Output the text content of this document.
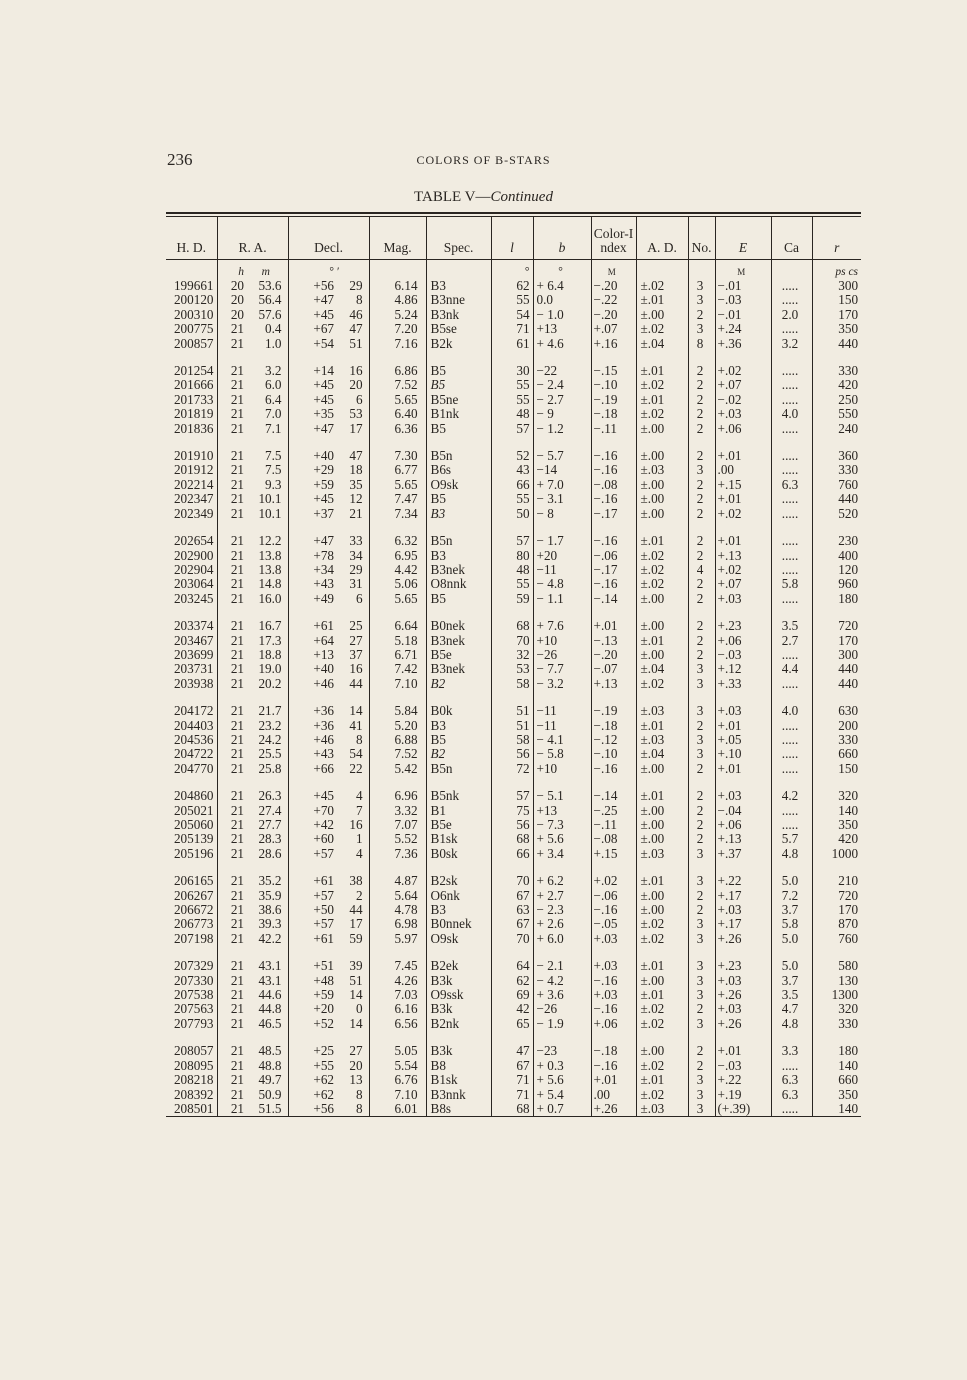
236	COLORS OF B-STARS
TABLE V—Continued
H. D.	R. A.		Decl.		Mag.	Spec.	l	b	Color-Index	A. D.	No.	E	Ca	r
	h	m	°	′			°	°	M			M		ps cs
199661	20	53.6	+56	29	6.14	B3	62	+ 6.4	−.20	±.02	3	−.01	.....	300
200120	20	56.4	+47	8	4.86	B3nne	55	0.0	−.22	±.01	3	−.03	.....	150
200310	20	57.6	+45	46	5.24	B3nk	54	− 1.0	−.20	±.00	2	−.01	2.0	170
200775	21	0.4	+67	47	7.20	B5se	71	+13	+.07	±.02	3	+.24	.....	350
200857	21	1.0	+54	51	7.16	B2k	61	+ 4.6	+.16	±.04	8	+.36	3.2	440

201254	21	3.2	+14	16	6.86	B5	30	−22	−.15	±.01	2	+.02	.....	330
201666	21	6.0	+45	20	7.52	B5	55	− 2.4	−.10	±.02	2	+.07	.....	420
201733	21	6.4	+45	6	5.65	B5ne	55	− 2.7	−.19	±.01	2	−.02	.....	250
201819	21	7.0	+35	53	6.40	B1nk	48	− 9	−.18	±.02	2	+.03	4.0	550
201836	21	7.1	+47	17	6.36	B5	57	− 1.2	−.11	±.00	2	+.06	.....	240

201910	21	7.5	+40	47	7.30	B5n	52	− 5.7	−.16	±.00	2	+.01	.....	360
201912	21	7.5	+29	18	6.77	B6s	43	−14	−.16	±.03	3	.00	.....	330
202214	21	9.3	+59	35	5.65	O9sk	66	+ 7.0	−.08	±.00	2	+.15	6.3	760
202347	21	10.1	+45	12	7.47	B5	55	− 3.1	−.16	±.00	2	+.01	.....	440
202349	21	10.1	+37	21	7.34	B3	50	− 8	−.17	±.00	2	+.02	.....	520

202654	21	12.2	+47	33	6.32	B5n	57	− 1.7	−.16	±.01	2	+.01	.....	230
202900	21	13.8	+78	34	6.95	B3	80	+20	−.06	±.02	2	+.13	.....	400
202904	21	13.8	+34	29	4.42	B3nek	48	−11	−.17	±.02	4	+.02	.....	120
203064	21	14.8	+43	31	5.06	O8nnk	55	− 4.8	−.16	±.02	2	+.07	5.8	960
203245	21	16.0	+49	6	5.65	B5	59	− 1.1	−.14	±.00	2	+.03	.....	180

203374	21	16.7	+61	25	6.64	B0nek	68	+ 7.6	+.01	±.00	2	+.23	3.5	720
203467	21	17.3	+64	27	5.18	B3nek	70	+10	−.13	±.01	2	+.06	2.7	170
203699	21	18.8	+13	37	6.71	B5e	32	−26	−.20	±.00	2	−.03	.....	300
203731	21	19.0	+40	16	7.42	B3nek	53	− 7.7	−.07	±.04	3	+.12	4.4	440
203938	21	20.2	+46	44	7.10	B2	58	− 3.2	+.13	±.02	3	+.33	.....	440

204172	21	21.7	+36	14	5.84	B0k	51	−11	−.19	±.03	3	+.03	4.0	630
204403	21	23.2	+36	41	5.20	B3	51	−11	−.18	±.01	2	+.01	.....	200
204536	21	24.2	+46	8	6.88	B5	58	− 4.1	−.12	±.03	3	+.05	.....	330
204722	21	25.5	+43	54	7.52	B2	56	− 5.8	−.10	±.04	3	+.10	.....	660
204770	21	25.8	+66	22	5.42	B5n	72	+10	−.16	±.00	2	+.01	.....	150

204860	21	26.3	+45	4	6.96	B5nk	57	− 5.1	−.14	±.01	2	+.03	4.2	320
205021	21	27.4	+70	7	3.32	B1	75	+13	−.25	±.00	2	−.04	.....	140
205060	21	27.7	+42	16	7.07	B5e	56	− 7.3	−.11	±.00	2	+.06	.....	350
205139	21	28.3	+60	1	5.52	B1sk	68	+ 5.6	−.08	±.00	2	+.13	5.7	420
205196	21	28.6	+57	4	7.36	B0sk	66	+ 3.4	+.15	±.03	3	+.37	4.8	1000

206165	21	35.2	+61	38	4.87	B2sk	70	+ 6.2	+.02	±.01	3	+.22	5.0	210
206267	21	35.9	+57	2	5.64	O6nk	67	+ 2.7	−.06	±.00	2	+.17	7.2	720
206672	21	38.6	+50	44	4.78	B3	63	− 2.3	−.16	±.00	2	+.03	3.7	170
206773	21	39.3	+57	17	6.98	B0nnek	67	+ 2.6	−.05	±.02	3	+.17	5.8	870
207198	21	42.2	+61	59	5.97	O9sk	70	+ 6.0	+.03	±.02	3	+.26	5.0	760

207329	21	43.1	+51	39	7.45	B2ek	64	− 2.1	+.03	±.01	3	+.23	5.0	580
207330	21	43.1	+48	51	4.26	B3k	62	− 4.2	−.16	±.00	3	+.03	3.7	130
207538	21	44.6	+59	14	7.03	O9ssk	69	+ 3.6	+.03	±.01	3	+.26	3.5	1300
207563	21	44.8	+20	0	6.16	B3k	42	−26	−.16	±.02	2	+.03	4.7	320
207793	21	46.5	+52	14	6.56	B2nk	65	− 1.9	+.06	±.02	3	+.26	4.8	330

208057	21	48.5	+25	27	5.05	B3k	47	−23	−.18	±.00	2	+.01	3.3	180
208095	21	48.8	+55	20	5.54	B8	67	+ 0.3	−.16	±.02	2	−.03	.....	140
208218	21	49.7	+62	13	6.76	B1sk	71	+ 5.6	+.01	±.01	3	+.22	6.3	660
208392	21	50.9	+62	8	7.10	B3nnk	71	+ 5.4	.00	±.02	3	+.19	6.3	350
208501	21	51.5	+56	8	6.01	B8s	68	+ 0.7	+.26	±.03	3	(+.39)	.....	140
